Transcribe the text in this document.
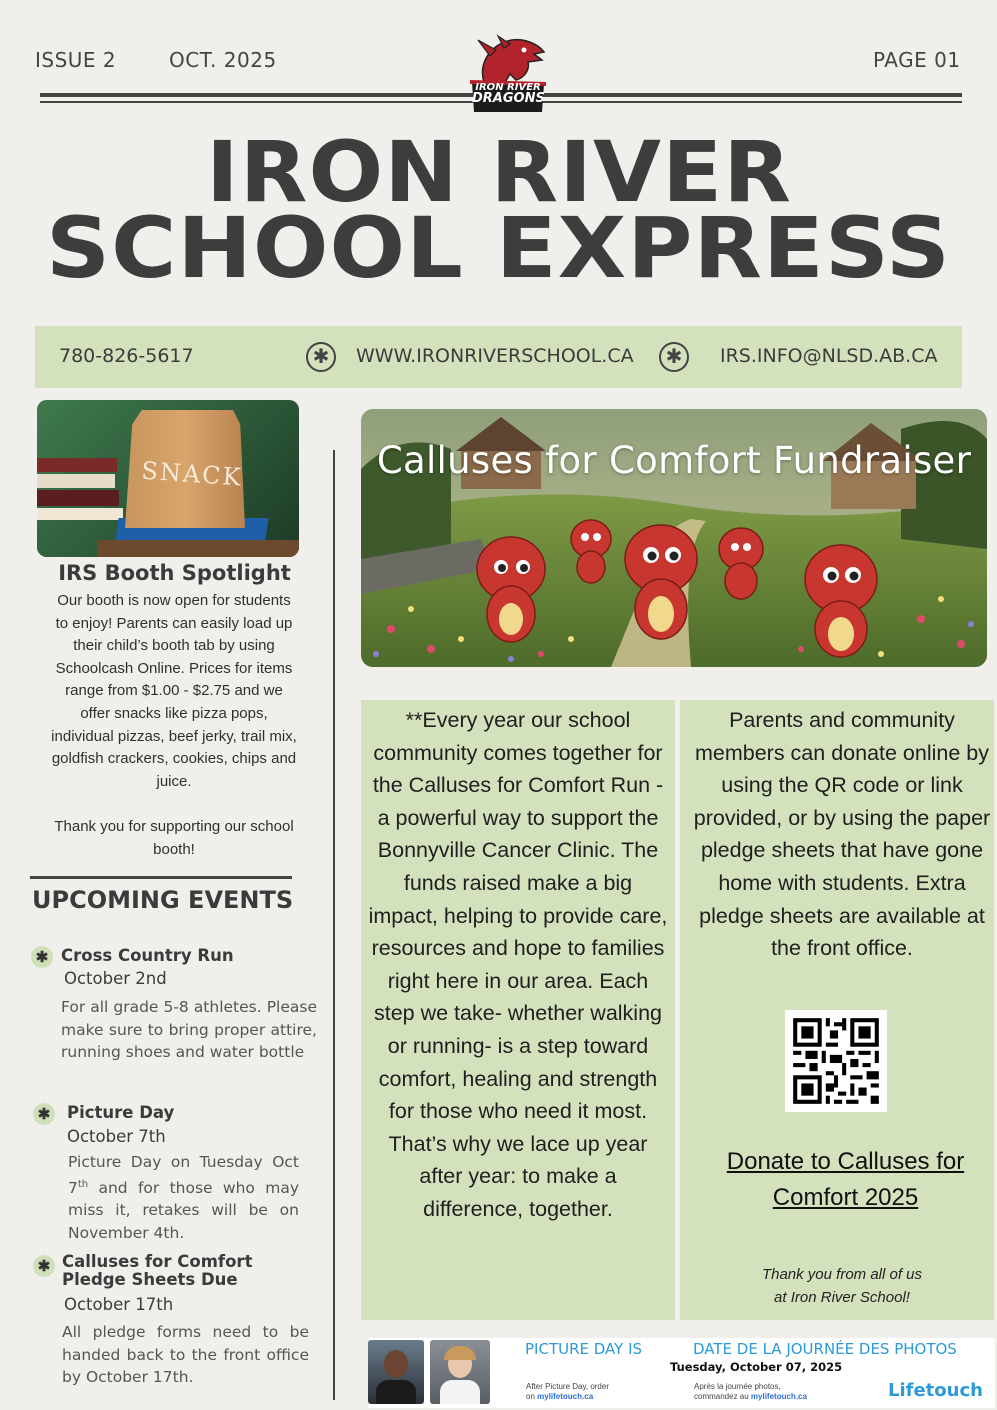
ISSUE 2	OCT. 2025	PAGE 01
IRON RIVER
DRAGONS
IRON RIVER
SCHOOL EXPRESS
780-826-5617	✱	WWW.IRONRIVERSCHOOL.CA	✱	IRS.INFO@NLSD.AB.CA
SNACK
IRS Booth Spotlight
Our booth is now open for students to enjoy! Parents can easily load up their child’s booth tab by using Schoolcash Online. Prices for items range from $1.00 - $2.75 and we offer snacks like pizza pops, individual pizzas, beef jerky, trail mix, goldfish crackers, cookies, chips and juice.
Thank you for supporting our school booth!
UPCOMING EVENTS
✱ Cross Country Run
October 2nd
For all grade 5-8 athletes. Please make sure to bring proper attire, running shoes and water bottle
✱ Picture Day
October 7th
Picture Day on Tuesday Oct 7th and for those who may miss it, retakes will be on November 4th.
✱ Calluses for Comfort Pledge Sheets Due
October 17th
All pledge forms need to be handed back to the front office by October 17th.
Calluses for Comfort Fundraiser
**Every year our school community comes together for the Calluses for Comfort Run - a powerful way to support the Bonnyville Cancer Clinic. The funds raised make a big impact, helping to provide care, resources and hope to families right here in our area. Each step we take- whether walking or running- is a step toward comfort, healing and strength for those who need it most. That’s why we lace up year after year: to make a difference, together.
Parents and community members can donate online by using the QR code or link provided, or by using the paper pledge sheets that have gone home with students. Extra pledge sheets are available at the front office.
Donate to Calluses for Comfort 2025
Thank you from all of us
at Iron River School!
PICTURE DAY IS	DATE DE LA JOURNÉE DES PHOTOS
Tuesday, October 07, 2025
After Picture Day, order
on mylifetouch.ca
Après la journée photos,
commandez au mylifetouch.ca	Lifetouch
